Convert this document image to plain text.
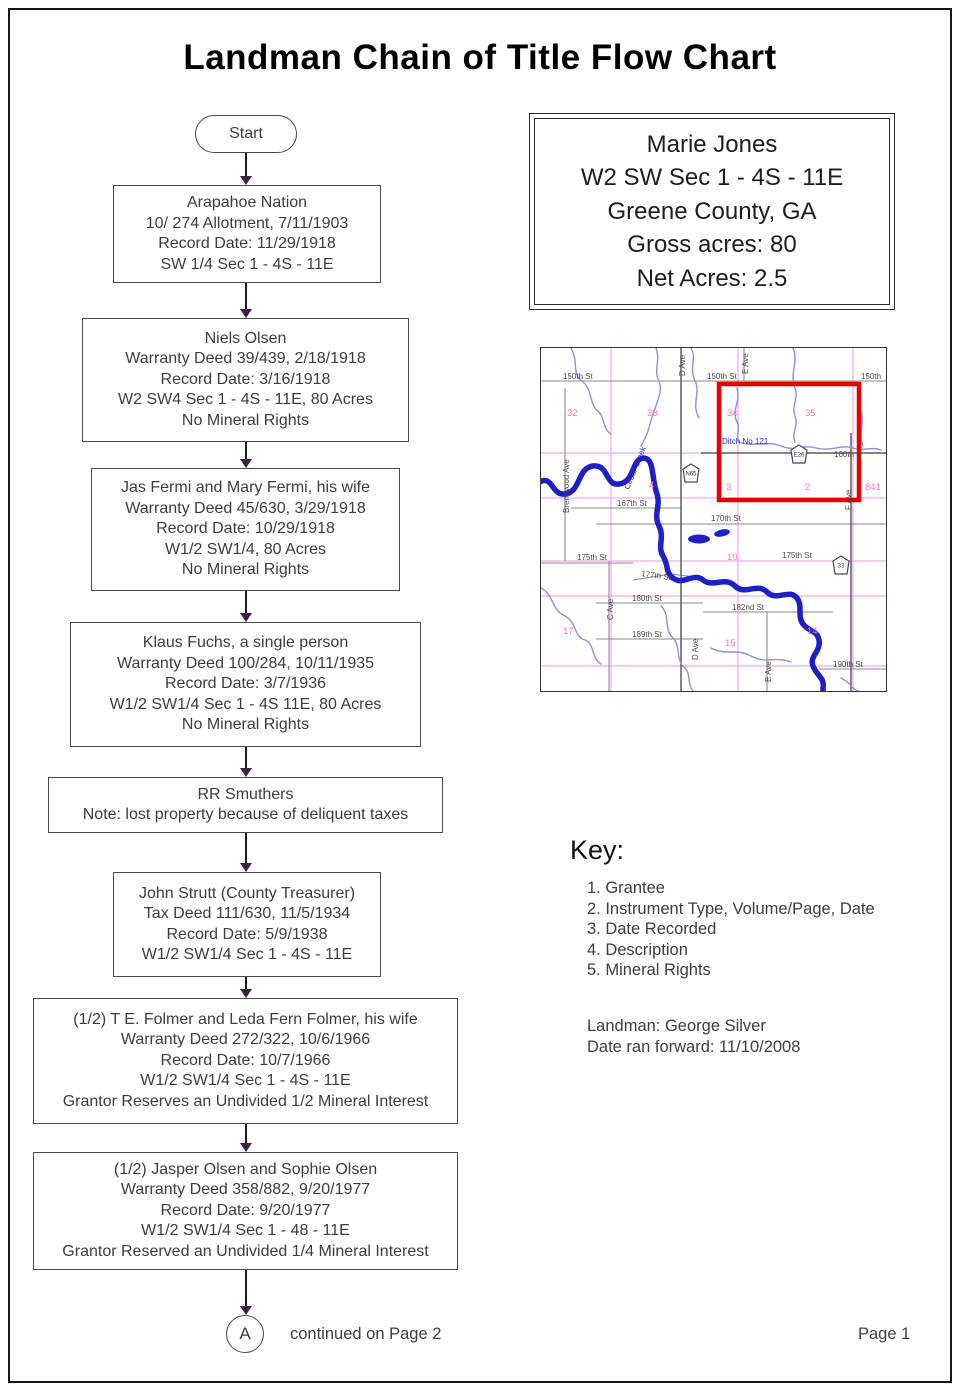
Landman Chain of Title Flow Chart
Start
Arapahoe Nation
10/ 274 Allotment, 7/11/1903
Record Date: 11/29/1918
SW 1/4 Sec 1 - 4S - 11E
Niels Olsen
Warranty Deed 39/439, 2/18/1918
Record Date: 3/16/1918
W2 SW4 Sec 1 - 4S - 11E, 80 Acres
No Mineral Rights
Jas Fermi and Mary Fermi, his wife
Warranty Deed 45/630, 3/29/1918
Record Date: 10/29/1918
W1/2 SW1/4, 80 Acres
No Mineral Rights
Klaus Fuchs, a single person
Warranty Deed 100/284, 10/11/1935
Record Date: 3/7/1936
W1/2 SW1/4 Sec 1 - 4S 11E, 80 Acres
No Mineral Rights
RR Smuthers
Note: lost property because of deliquent taxes
John Strutt (County Treasurer)
Tax Deed 111/630, 11/5/1934
Record Date: 5/9/1938
W1/2 SW1/4 Sec 1 - 4S - 11E
(1/2) T E. Folmer and Leda Fern Folmer, his wife
Warranty Deed 272/322, 10/6/1966
Record Date: 10/7/1966
W1/2 SW1/4 Sec 1 - 4S - 11E
Grantor Reserves an Undivided 1/2 Mineral Interest
(1/2) Jasper Olsen and Sophie Olsen
Warranty Deed 358/882, 9/20/1977
Record Date: 9/20/1977
W1/2 SW1/4 Sec 1 - 48 - 11E
Grantor Reserved an Undivided 1/4 Mineral Interest
A continued on Page 2	Page 1
Marie Jones
W2 SW Sec 1 - 4S - 11E
Greene County, GA
Gross acres: 80
Net Acres: 2.5
150th St	150th St	150th
160th S
167th St
170th St
175th St	175th St
177th St
180th St
182nd St
189th St
190th St
D Ave	E Ave
Brentwood Ave
C Ave
D Ave
E Ave
F Ave
Ditch No 121
Cedar Creek
32	33	34	35
4	3	2	841
10
17	14
15
N65
E26
33
Key:
1. Grantee
2. Instrument Type, Volume/Page, Date
3. Date Recorded
4. Description
5. Mineral Rights
Landman: George Silver
Date ran forward: 11/10/2008
